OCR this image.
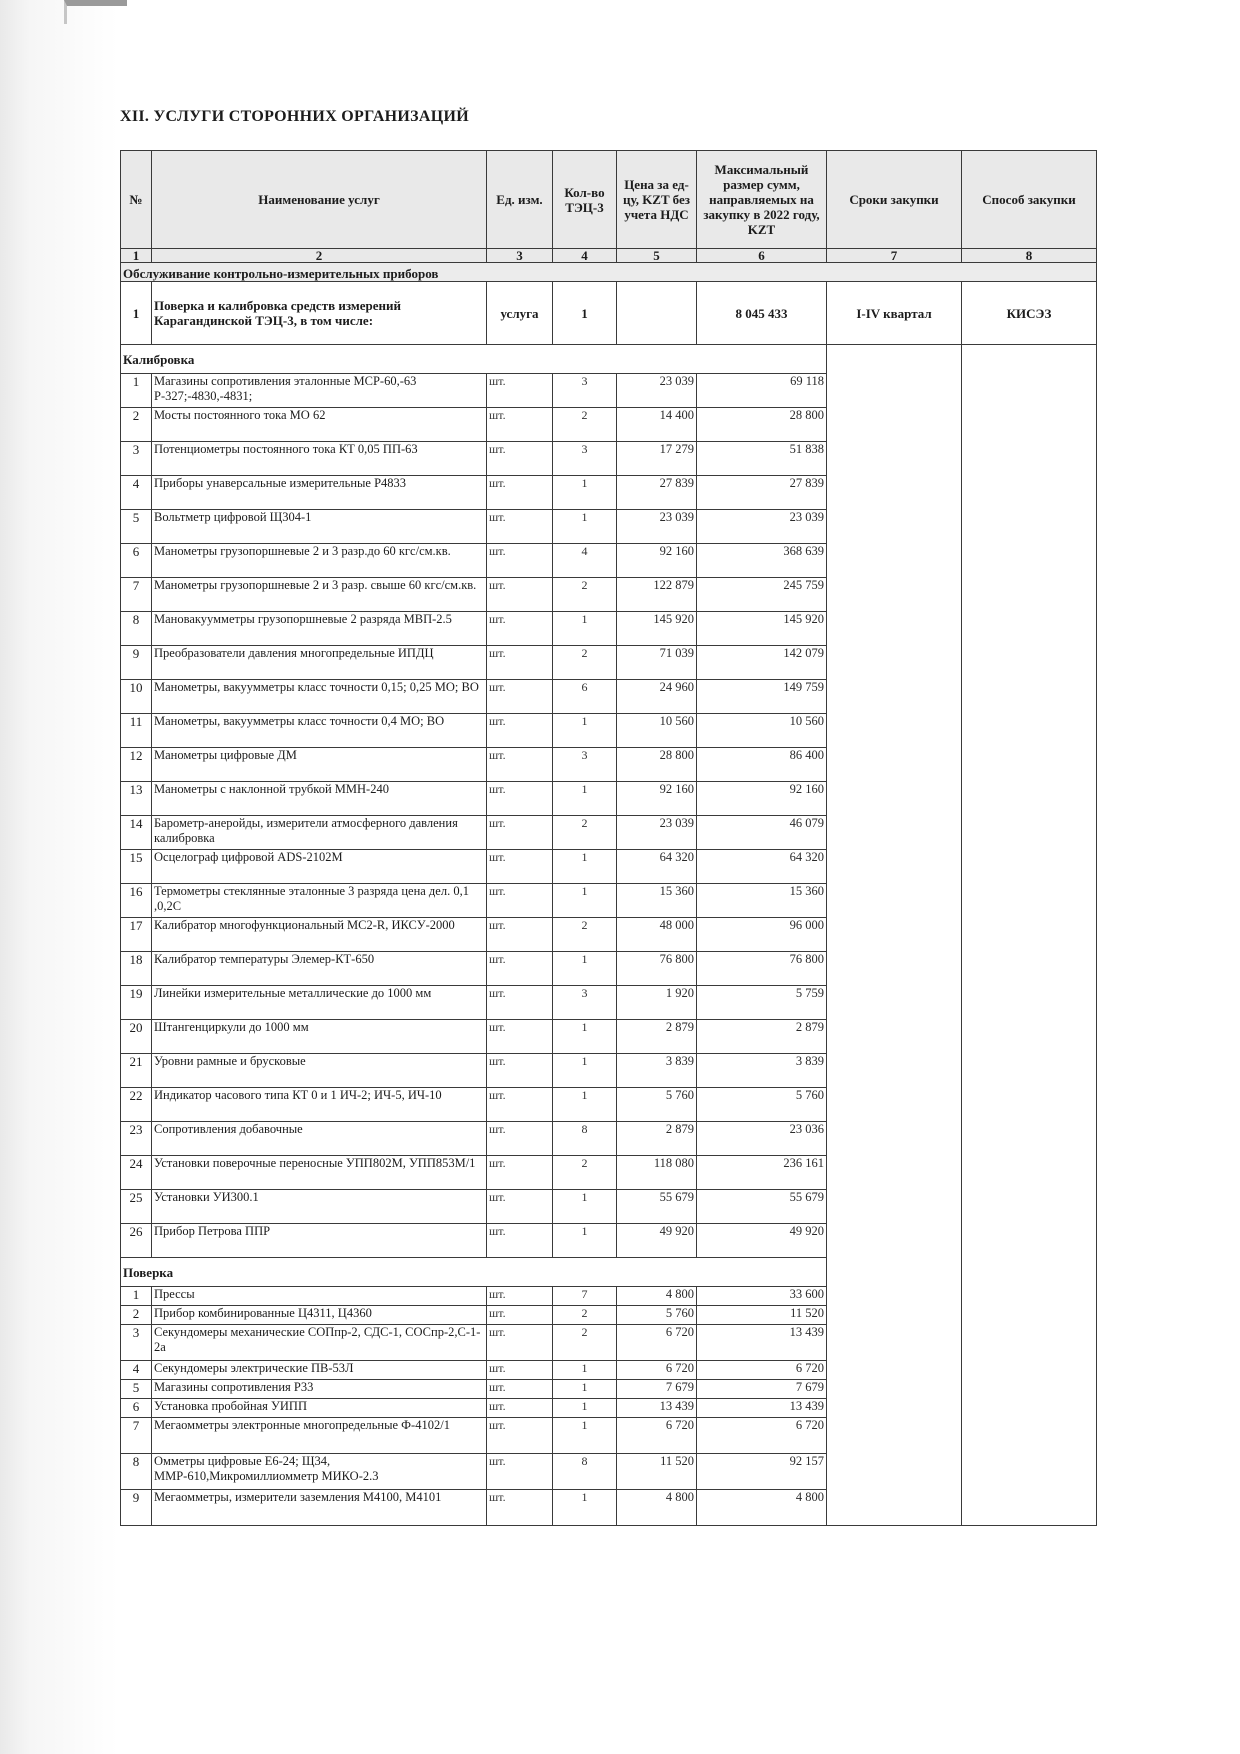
XII. УСЛУГИ СТОРОННИХ ОРГАНИЗАЦИЙ
№	Наименование услуг	Ед. изм.	Кол-во ТЭЦ-3	Цена за ед-цу, KZT без учета НДС	Максимальный размер сумм, направляемых на закупку в 2022 году, KZT	Сроки закупки	Способ закупки
1	2	3	4	5	6	7	8
Обслуживание контрольно-измерительных приборов							
1	Поверка и калибровка средств измерений Карагандинской ТЭЦ-3, в том числе:	услуга	1		8 045 433	I-IV квартал	КИСЭЗ
Калибровка							
1	Магазины сопротивления эталонные МСР-60,-63 Р-327;-4830,-4831;	шт.	3	23 039	69 118		
2	Мосты постоянного тока МО 62	шт.	2	14 400	28 800		
3	Потенциометры постоянного тока КТ 0,05 ПП-63	шт.	3	17 279	51 838		
4	Приборы унаверсальные измерительные Р4833	шт.	1	27 839	27 839		
5	Вольтметр цифровой Щ304-1	шт.	1	23 039	23 039		
6	Манометры грузопоршневые 2 и 3 разр.до 60 кгс/см.кв.	шт.	4	92 160	368 639		
7	Манометры грузопоршневые 2 и 3 разр. свыше 60 кгс/см.кв.	шт.	2	122 879	245 759		
8	Мановакуумметры грузопоршневые 2 разряда МВП-2.5	шт.	1	145 920	145 920		
9	Преобразователи давления многопредельные ИПДЦ	шт.	2	71 039	142 079		
10	Манометры, вакуумметры класс точности 0,15; 0,25 МО; ВО	шт.	6	24 960	149 759		
11	Манометры, вакуумметры класс точности 0,4 МО; ВО	шт.	1	10 560	10 560		
12	Манометры цифровые ДМ	шт.	3	28 800	86 400		
13	Манометры с наклонной трубкой ММН-240	шт.	1	92 160	92 160		
14	Барометр-анеройды, измерители атмосферного давления калибровка	шт.	2	23 039	46 079		
15	Осцелограф цифровой ADS-2102M	шт.	1	64 320	64 320		
16	Термометры стеклянные эталонные 3 разряда цена дел. 0,1 ,0,2С	шт.	1	15 360	15 360		
17	Калибратор многофункциональный МС2-R, ИКСУ-2000	шт.	2	48 000	96 000		
18	Калибратор температуры Элемер-КТ-650	шт.	1	76 800	76 800		
19	Линейки измерительные металлические до 1000 мм	шт.	3	1 920	5 759		
20	Штангенциркули до 1000 мм	шт.	1	2 879	2 879		
21	Уровни рамные и брусковые	шт.	1	3 839	3 839		
22	Индикатор часового типа КТ 0 и 1 ИЧ-2; ИЧ-5, ИЧ-10	шт.	1	5 760	5 760		
23	Сопротивления добавочные	шт.	8	2 879	23 036		
24	Установки поверочные переносные УПП802М, УПП853М/1	шт.	2	118 080	236 161		
25	Установки УИ300.1	шт.	1	55 679	55 679		
26	Прибор Петрова ППР	шт.	1	49 920	49 920		
Поверка							
1	Прессы	шт.	7	4 800	33 600		
2	Прибор комбинированные Ц4311, Ц4360	шт.	2	5 760	11 520		
3	Секундомеры механические СОПпр-2, СДС-1, СОСпр-2,С-1-2а	шт.	2	6 720	13 439		
4	Секундомеры электрические ПВ-53Л	шт.	1	6 720	6 720		
5	Магазины сопротивления Р33	шт.	1	7 679	7 679		
6	Установка пробойная УИПП	шт.	1	13 439	13 439		
7	Мегаомметры электронные многопредельные Ф-4102/1	шт.	1	6 720	6 720		
8	Омметры цифровые Е6-24; Щ34, ММР-610,Микромиллиомметр МИКО-2.3	шт.	8	11 520	92 157		
9	Мегаомметры, измерители заземления М4100, М4101	шт.	1	4 800	4 800		
